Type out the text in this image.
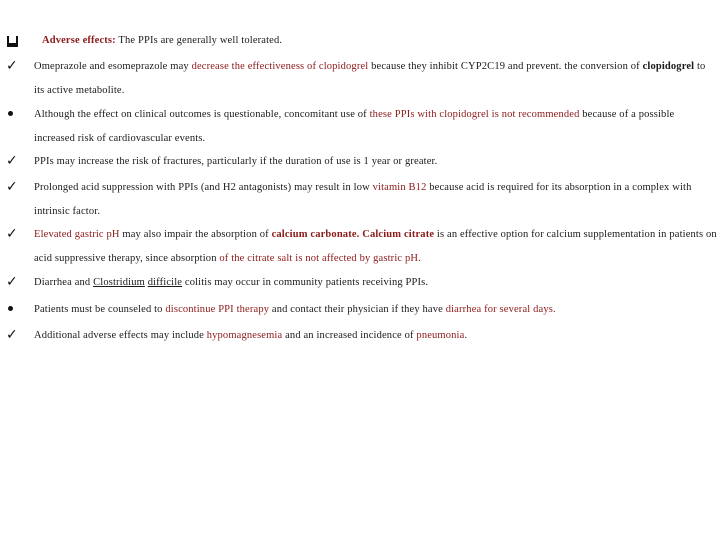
Adverse effects: The PPIs are generally well tolerated.
✓ Omeprazole and esomeprazole may decrease the effectiveness of clopidogrel because they inhibit CYP2C19 and prevent. the conversion of clopidogrel to its active metabolite.
Although the effect on clinical outcomes is questionable, concomitant use of these PPIs with clopidogrel is not recommended because of a possible increased risk of cardiovascular events.
✓ PPIs may increase the risk of fractures, particularly if the duration of use is 1 year or greater.
✓ Prolonged acid suppression with PPIs (and H2 antagonists) may result in low vitamin B12 because acid is required for its absorption in a complex with intrinsic factor.
✓ Elevated gastric pH may also impair the absorption of calcium carbonate. Calcium citrate is an effective option for calcium supplementation in patients on acid suppressive therapy, since absorption of the citrate salt is not affected by gastric pH.
✓ Diarrhea and Clostridium difficile colitis may occur in community patients receiving PPIs.
Patients must be counseled to discontinue PPI therapy and contact their physician if they have diarrhea for several days.
✓ Additional adverse effects may include hypomagnesemia and an increased incidence of pneumonia.
